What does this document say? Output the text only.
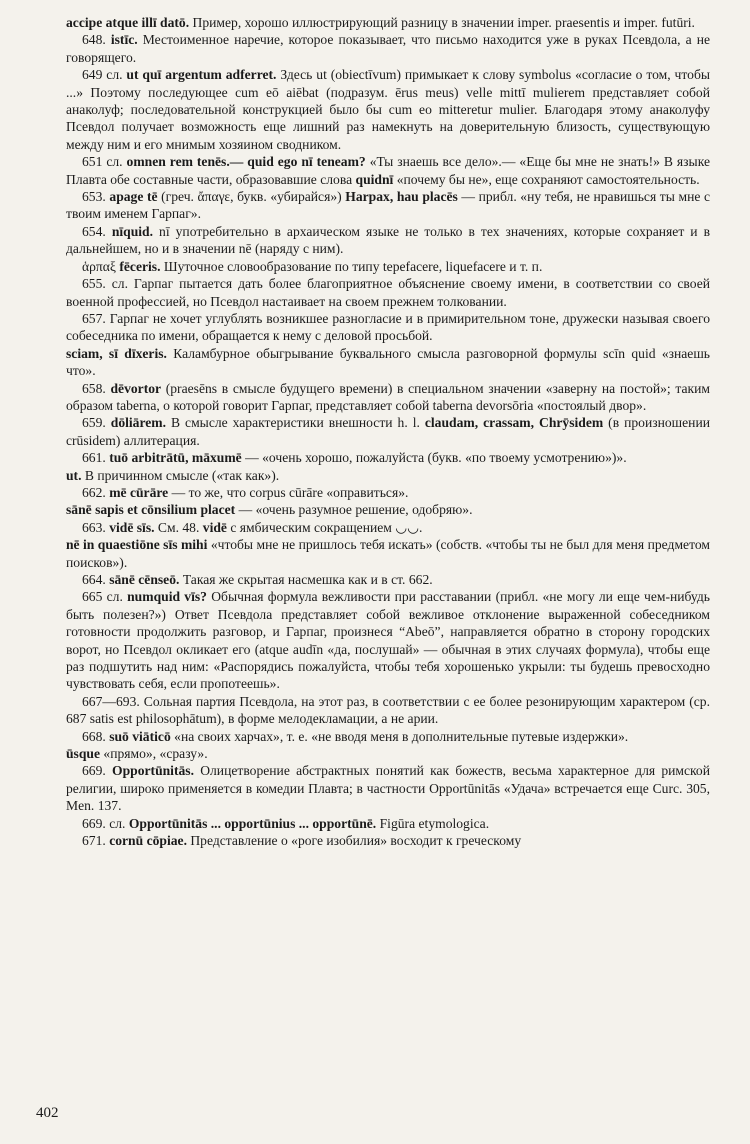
accipe atque illī datō. Пример, хорошо иллюстрирующий разницу в значении imper. praesentis и imper. futūri.

648. istīc. Местоименное наречие, которое показывает, что письмо находится уже в руках Псевдола, а не говорящего.

649 сл. ut quī argentum adferret. Здесь ut (obiectīvum) примыкает к слову symbolus «согласие о том, чтобы ...» Поэтому последующее cum eō aiēbat (подразум. ērus meus) velle mittī mulierem представляет собой анаколуф; последовательной конструкцией было бы cum eo mitteretur mulier. Благодаря этому анаколуфу Псевдол получает возможность еще лишний раз намекнуть на доверительную близость, существующую между ним и его мнимым хозяином сводником.

651 сл. omnen rem tenēs.— quid ego nī teneam? «Ты знаешь все дело».— «Еще бы мне не знать!» В языке Плавта обе составные части, образовавшие слова quidnī «почему бы не», еще сохраняют самостоятельность.

653. apage tē (греч. ἄπαγε, букв. «убирайся») Harpax, hau placēs — прибл. «ну тебя, не нравишься ты мне с твоим именем Гарпаг».

654. nīquid. nī употребительно в архаическом языке не только в тех значениях, которые сохраняет и в дальнейшем, но и в значении nē (наряду с ним).

ἁρπαξ fēceris. Шуточное словообразование по типу tepefacere, liquefacere и т. п.

655. сл. Гарпаг пытается дать более благоприятное объяснение своему имени, в соответствии со своей военной профессией, но Псевдол настаивает на своем прежнем толковании.

657. Гарпаг не хочет углублять возникшее разногласие и в примирительном тоне, дружески называя своего собеседника по имени, обращается к нему с деловой просьбой.

sciam, sī dīxeris. Каламбурное обыгрывание буквального смысла разговорной формулы scīn quid «знаешь что».

658. dēvortor (praesēns в смысле будущего времени) в специальном значении «заверну на постой»; таким образом taberna, о которой говорит Гарпаг, представляет собой taberna devorsōria «постоялый двор».

659. dōliārem. В смысле характеристики внешности h. l. claudam, crassam, Chrȳsidem (в произношении crūsidem) аллитерация.

661. tuō arbitrātū, māxumē — «очень хорошо, пожалуйста (букв. «по твоему усмотрению»)».

ut. В причинном смысле («так как»).

662. mē cūrāre — то же, что corpus cūrāre «оправиться».

sānē sapis et cōnsilium placet — «очень разумное решение, одобряю».

663. vidē sīs. См. 48. vidē с ямбическим сокращением ◡◡.

nē in quaestiōne sīs mihi «чтобы мне не пришлось тебя искать» (собств. «чтобы ты не был для меня предметом поисков»).

664. sānē cēnseō. Такая же скрытая насмешка как и в ст. 662.

665 сл. numquid vīs? Обычная формула вежливости при расставании (прибл. «не могу ли еще чем-нибудь быть полезен?») Ответ Псевдола представляет собой вежливое отклонение выраженной собеседником готовности продолжить разговор, и Гарпаг, произнеся “Abeō”, направляется обратно в сторону городских ворот, но Псевдол окликает его (atque audīn «да, послушай» — обычная в этих случаях формула), чтобы еще раз подшутить над ним: «Распорядись пожалуйста, чтобы тебя хорошенько укрыли: ты будешь превосходно чувствовать себя, если пропотеешь».

667—693. Сольная партия Псевдола, на этот раз, в соответствии с ее более резонирующим характером (ср. 687 satis est philosophātum), в форме мелодекламации, а не арии.

668. suō viāticō «на своих харчах», т. е. «не вводя меня в дополнительные путевые издержки».

ūsque «прямо», «сразу».

669. Opportūnitās. Олицетворение абстрактных понятий как божеств, весьма характерное для римской религии, широко применяется в комедии Плавта; в частности Opportūnitās «Удача» встречается еще Curc. 305, Men. 137.

669. сл. Opportūnitās ... opportūnius ... opportūnē. Figūra etymologica.

671. cornū cōpiae. Представление о «роге изобилия» восходит к греческому

402
